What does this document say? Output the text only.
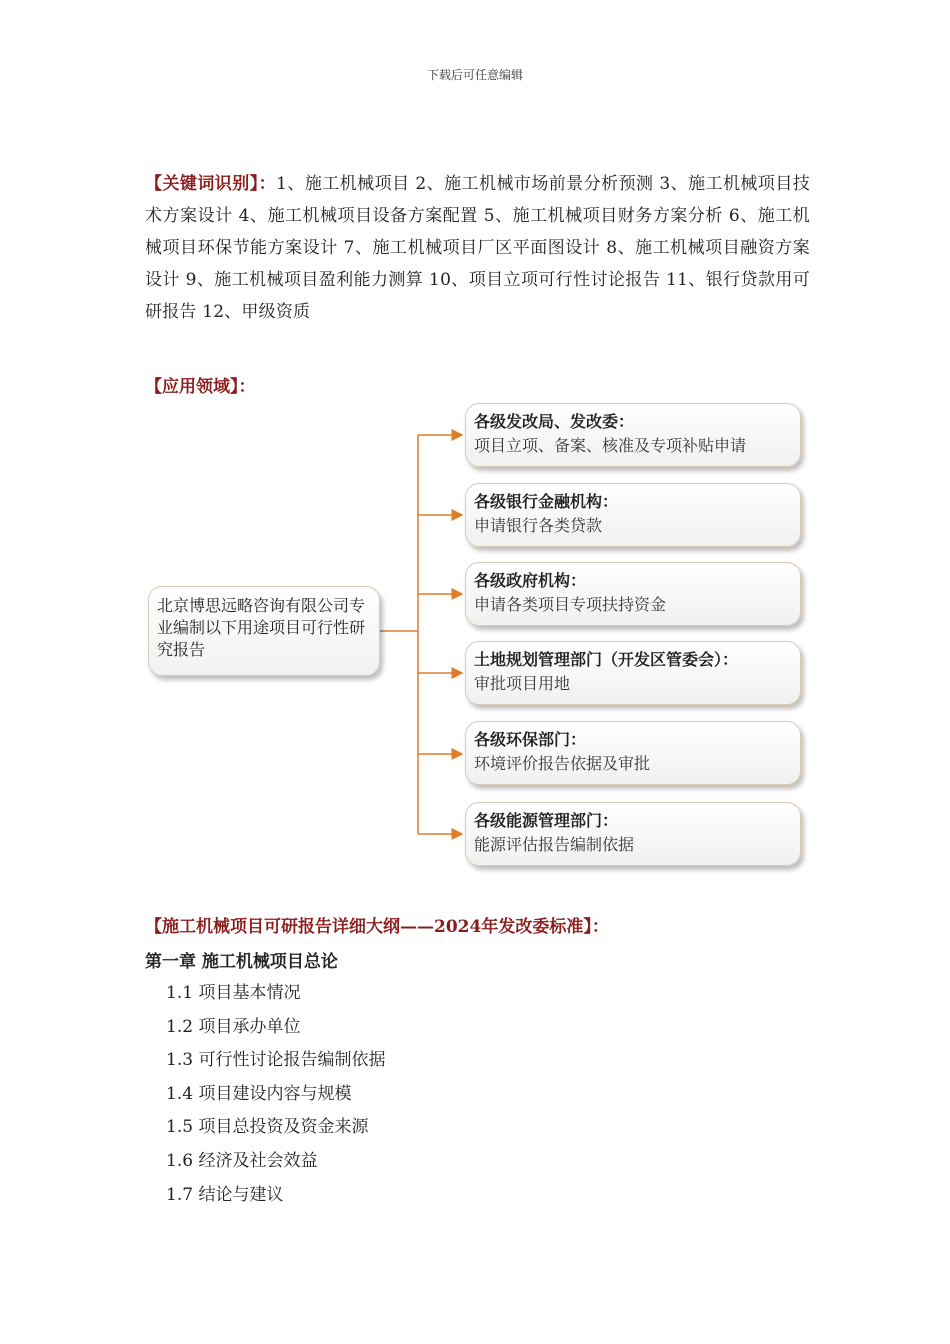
下载后可任意编辑
【关键词识别】：1、施工机械项目 2、施工机械市场前景分析预测 3、施工机械项目技术方案设计 4、施工机械项目设备方案配置 5、施工机械项目财务方案分析 6、施工机械项目环保节能方案设计 7、施工机械项目厂区平面图设计 8、施工机械项目融资方案设计 9、施工机械项目盈利能力测算 10、项目立项可行性讨论报告 11、银行贷款用可研报告 12、甲级资质
【应用领域】：
北京博思远略咨询有限公司专业编制以下用途项目可行性研究报告
各级发改局、发改委：
项目立项、备案、核准及专项补贴申请
各级银行金融机构：
申请银行各类贷款
各级政府机构：
申请各类项目专项扶持资金
土地规划管理部门（开发区管委会）：
审批项目用地
各级环保部门：
环境评价报告依据及审批
各级能源管理部门：
能源评估报告编制依据
【施工机械项目可研报告详细大纲——2024年发改委标准】：
第一章 施工机械项目总论
1.1 项目基本情况
1.2 项目承办单位
1.3 可行性讨论报告编制依据
1.4 项目建设内容与规模
1.5 项目总投资及资金来源
1.6 经济及社会效益
1.7 结论与建议
